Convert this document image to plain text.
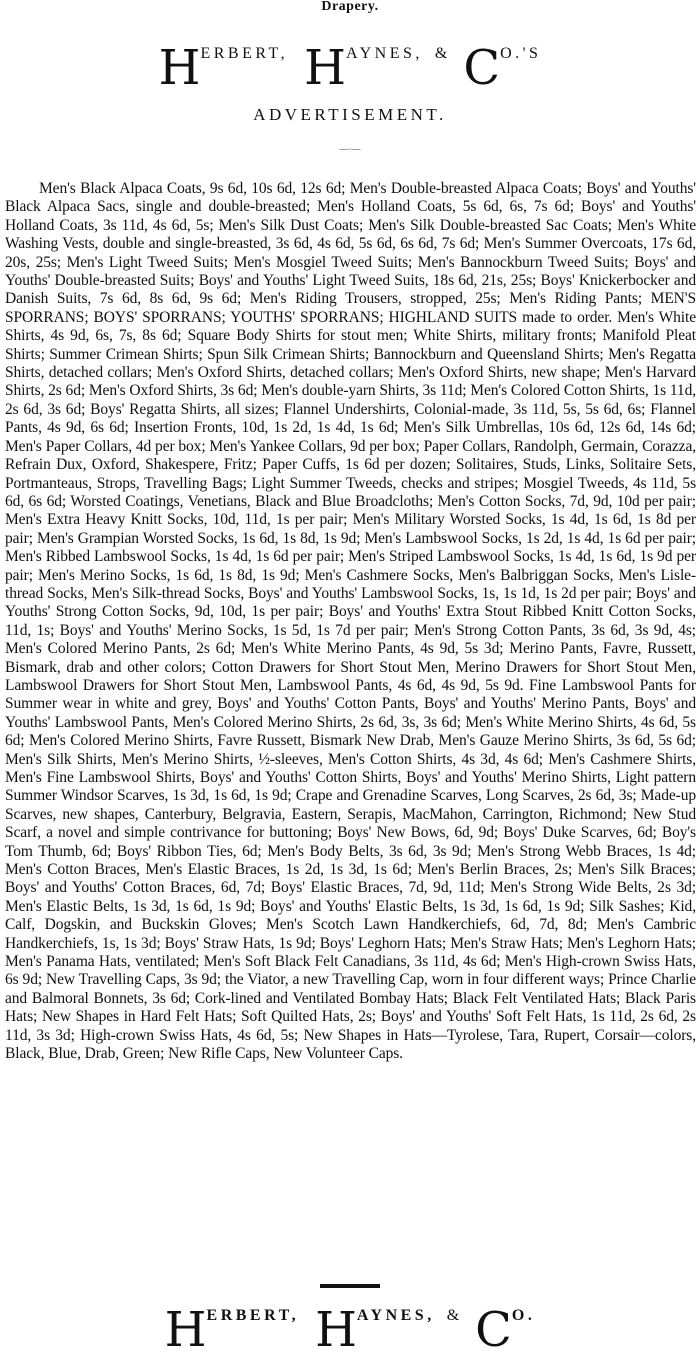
Drapery.
HERBERT, HAYNES, & CO.'S
ADVERTISEMENT.
—·—

Men's Black Alpaca Coats, 9s 6d, 10s 6d, 12s 6d; Men's Double-breasted Alpaca Coats; Boys' and Youths' Black Alpaca Sacs, single and double-breasted; Men's Holland Coats, 5s 6d, 6s, 7s 6d; Boys' and Youths' Holland Coats, 3s 11d, 4s 6d, 5s; Men's Silk Dust Coats; Men's Silk Double-breasted Sac Coats; Men's White Washing Vests, double and single-breasted, 3s 6d, 4s 6d, 5s 6d, 6s 6d, 7s 6d; Men's Summer Overcoats, 17s 6d, 20s, 25s; Men's Light Tweed Suits; Men's Mosgiel Tweed Suits; Men's Bannockburn Tweed Suits; Boys' and Youths' Double-breasted Suits; Boys' and Youths' Light Tweed Suits, 18s 6d, 21s, 25s; Boys' Knickerbocker and Danish Suits, 7s 6d, 8s 6d, 9s 6d; Men's Riding Trousers, stropped, 25s; Men's Riding Pants; MEN'S SPORRANS; BOYS' SPORRANS; YOUTHS' SPORRANS; HIGHLAND SUITS made to order. Men's White Shirts, 4s 9d, 6s, 7s, 8s 6d; Square Body Shirts for stout men; White Shirts, military fronts; Manifold Pleat Shirts; Summer Crimean Shirts; Spun Silk Crimean Shirts; Bannockburn and Queensland Shirts; Men's Regatta Shirts, detached collars; Men's Oxford Shirts, detached collars; Men's Oxford Shirts, new shape; Men's Harvard Shirts, 2s 6d; Men's Oxford Shirts, 3s 6d; Men's double-yarn Shirts, 3s 11d; Men's Colored Cotton Shirts, 1s 11d, 2s 6d, 3s 6d; Boys' Regatta Shirts, all sizes; Flannel Undershirts, Colonial-made, 3s 11d, 5s, 5s 6d, 6s; Flannel Pants, 4s 9d, 6s 6d; Insertion Fronts, 10d, 1s 2d, 1s 4d, 1s 6d; Men's Silk Umbrellas, 10s 6d, 12s 6d, 14s 6d; Men's Paper Collars, 4d per box; Men's Yankee Collars, 9d per box; Paper Collars, Randolph, Germain, Corazza, Refrain Dux, Oxford, Shakespere, Fritz; Paper Cuffs, 1s 6d per dozen; Solitaires, Studs, Links, Solitaire Sets, Portmanteaus, Strops, Travelling Bags; Light Summer Tweeds, checks and stripes; Mosgiel Tweeds, 4s 11d, 5s 6d, 6s 6d; Worsted Coatings, Venetians, Black and Blue Broadcloths; Men's Cotton Socks, 7d, 9d, 10d per pair; Men's Extra Heavy Knitt Socks, 10d, 11d, 1s per pair; Men's Military Worsted Socks, 1s 4d, 1s 6d, 1s 8d per pair; Men's Grampian Worsted Socks, 1s 6d, 1s 8d, 1s 9d; Men's Lambswool Socks, 1s 2d, 1s 4d, 1s 6d per pair; Men's Ribbed Lambswool Socks, 1s 4d, 1s 6d per pair; Men's Striped Lambswool Socks, 1s 4d, 1s 6d, 1s 9d per pair; Men's Merino Socks, 1s 6d, 1s 8d, 1s 9d; Men's Cashmere Socks, Men's Balbriggan Socks, Men's Lisle-thread Socks, Men's Silk-thread Socks, Boys' and Youths' Lambswool Socks, 1s, 1s 1d, 1s 2d per pair; Boys' and Youths' Strong Cotton Socks, 9d, 10d, 1s per pair; Boys' and Youths' Extra Stout Ribbed Knitt Cotton Socks, 11d, 1s; Boys' and Youths' Merino Socks, 1s 5d, 1s 7d per pair; Men's Strong Cotton Pants, 3s 6d, 3s 9d, 4s; Men's Colored Merino Pants, 2s 6d; Men's White Merino Pants, 4s 9d, 5s 3d; Merino Pants, Favre, Russett, Bismark, drab and other colors; Cotton Drawers for Short Stout Men, Merino Drawers for Short Stout Men, Lambswool Drawers for Short Stout Men, Lambswool Pants, 4s 6d, 4s 9d, 5s 9d. Fine Lambswool Pants for Summer wear in white and grey, Boys' and Youths' Cotton Pants, Boys' and Youths' Merino Pants, Boys' and Youths' Lambswool Pants, Men's Colored Merino Shirts, 2s 6d, 3s, 3s 6d; Men's White Merino Shirts, 4s 6d, 5s 6d; Men's Colored Merino Shirts, Favre Russett, Bismark New Drab, Men's Gauze Merino Shirts, 3s 6d, 5s 6d; Men's Silk Shirts, Men's Merino Shirts, ½-sleeves, Men's Cotton Shirts, 4s 3d, 4s 6d; Men's Cashmere Shirts, Men's Fine Lambswool Shirts, Boys' and Youths' Cotton Shirts, Boys' and Youths' Merino Shirts, Light pattern Summer Windsor Scarves, 1s 3d, 1s 6d, 1s 9d; Crape and Grenadine Scarves, Long Scarves, 2s 6d, 3s; Made-up Scarves, new shapes, Canterbury, Belgravia, Eastern, Serapis, MacMahon, Carrington, Richmond; New Stud Scarf, a novel and simple contrivance for buttoning; Boys' New Bows, 6d, 9d; Boys' Duke Scarves, 6d; Boy's Tom Thumb, 6d; Boys' Ribbon Ties, 6d; Men's Body Belts, 3s 6d, 3s 9d; Men's Strong Webb Braces, 1s 4d; Men's Cotton Braces, Men's Elastic Braces, 1s 2d, 1s 3d, 1s 6d; Men's Berlin Braces, 2s; Men's Silk Braces; Boys' and Youths' Cotton Braces, 6d, 7d; Boys' Elastic Braces, 7d, 9d, 11d; Men's Strong Wide Belts, 2s 3d; Men's Elastic Belts, 1s 3d, 1s 6d, 1s 9d; Boys' and Youths' Elastic Belts, 1s 3d, 1s 6d, 1s 9d; Silk Sashes; Kid, Calf, Dogskin, and Buckskin Gloves; Men's Scotch Lawn Handkerchiefs, 6d, 7d, 8d; Men's Cambric Handkerchiefs, 1s, 1s 3d; Boys' Straw Hats, 1s 9d; Boys' Leghorn Hats; Men's Straw Hats; Men's Leghorn Hats; Men's Panama Hats, ventilated; Men's Soft Black Felt Canadians, 3s 11d, 4s 6d; Men's High-crown Swiss Hats, 6s 9d; New Travelling Caps, 3s 9d; the Viator, a new Travelling Cap, worn in four different ways; Prince Charlie and Balmoral Bonnets, 3s 6d; Cork-lined and Ventilated Bombay Hats; Black Felt Ventilated Hats; Black Paris Hats; New Shapes in Hard Felt Hats; Soft Quilted Hats, 2s; Boys' and Youths' Soft Felt Hats, 1s 11d, 2s 6d, 2s 11d, 3s 3d; High-crown Swiss Hats, 4s 6d, 5s; New Shapes in Hats—Tyrolese, Tara, Rupert, Corsair—colors, Black, Blue, Drab, Green; New Rifle Caps, New Volunteer Caps.

HERBERT, HAYNES, & CO.
